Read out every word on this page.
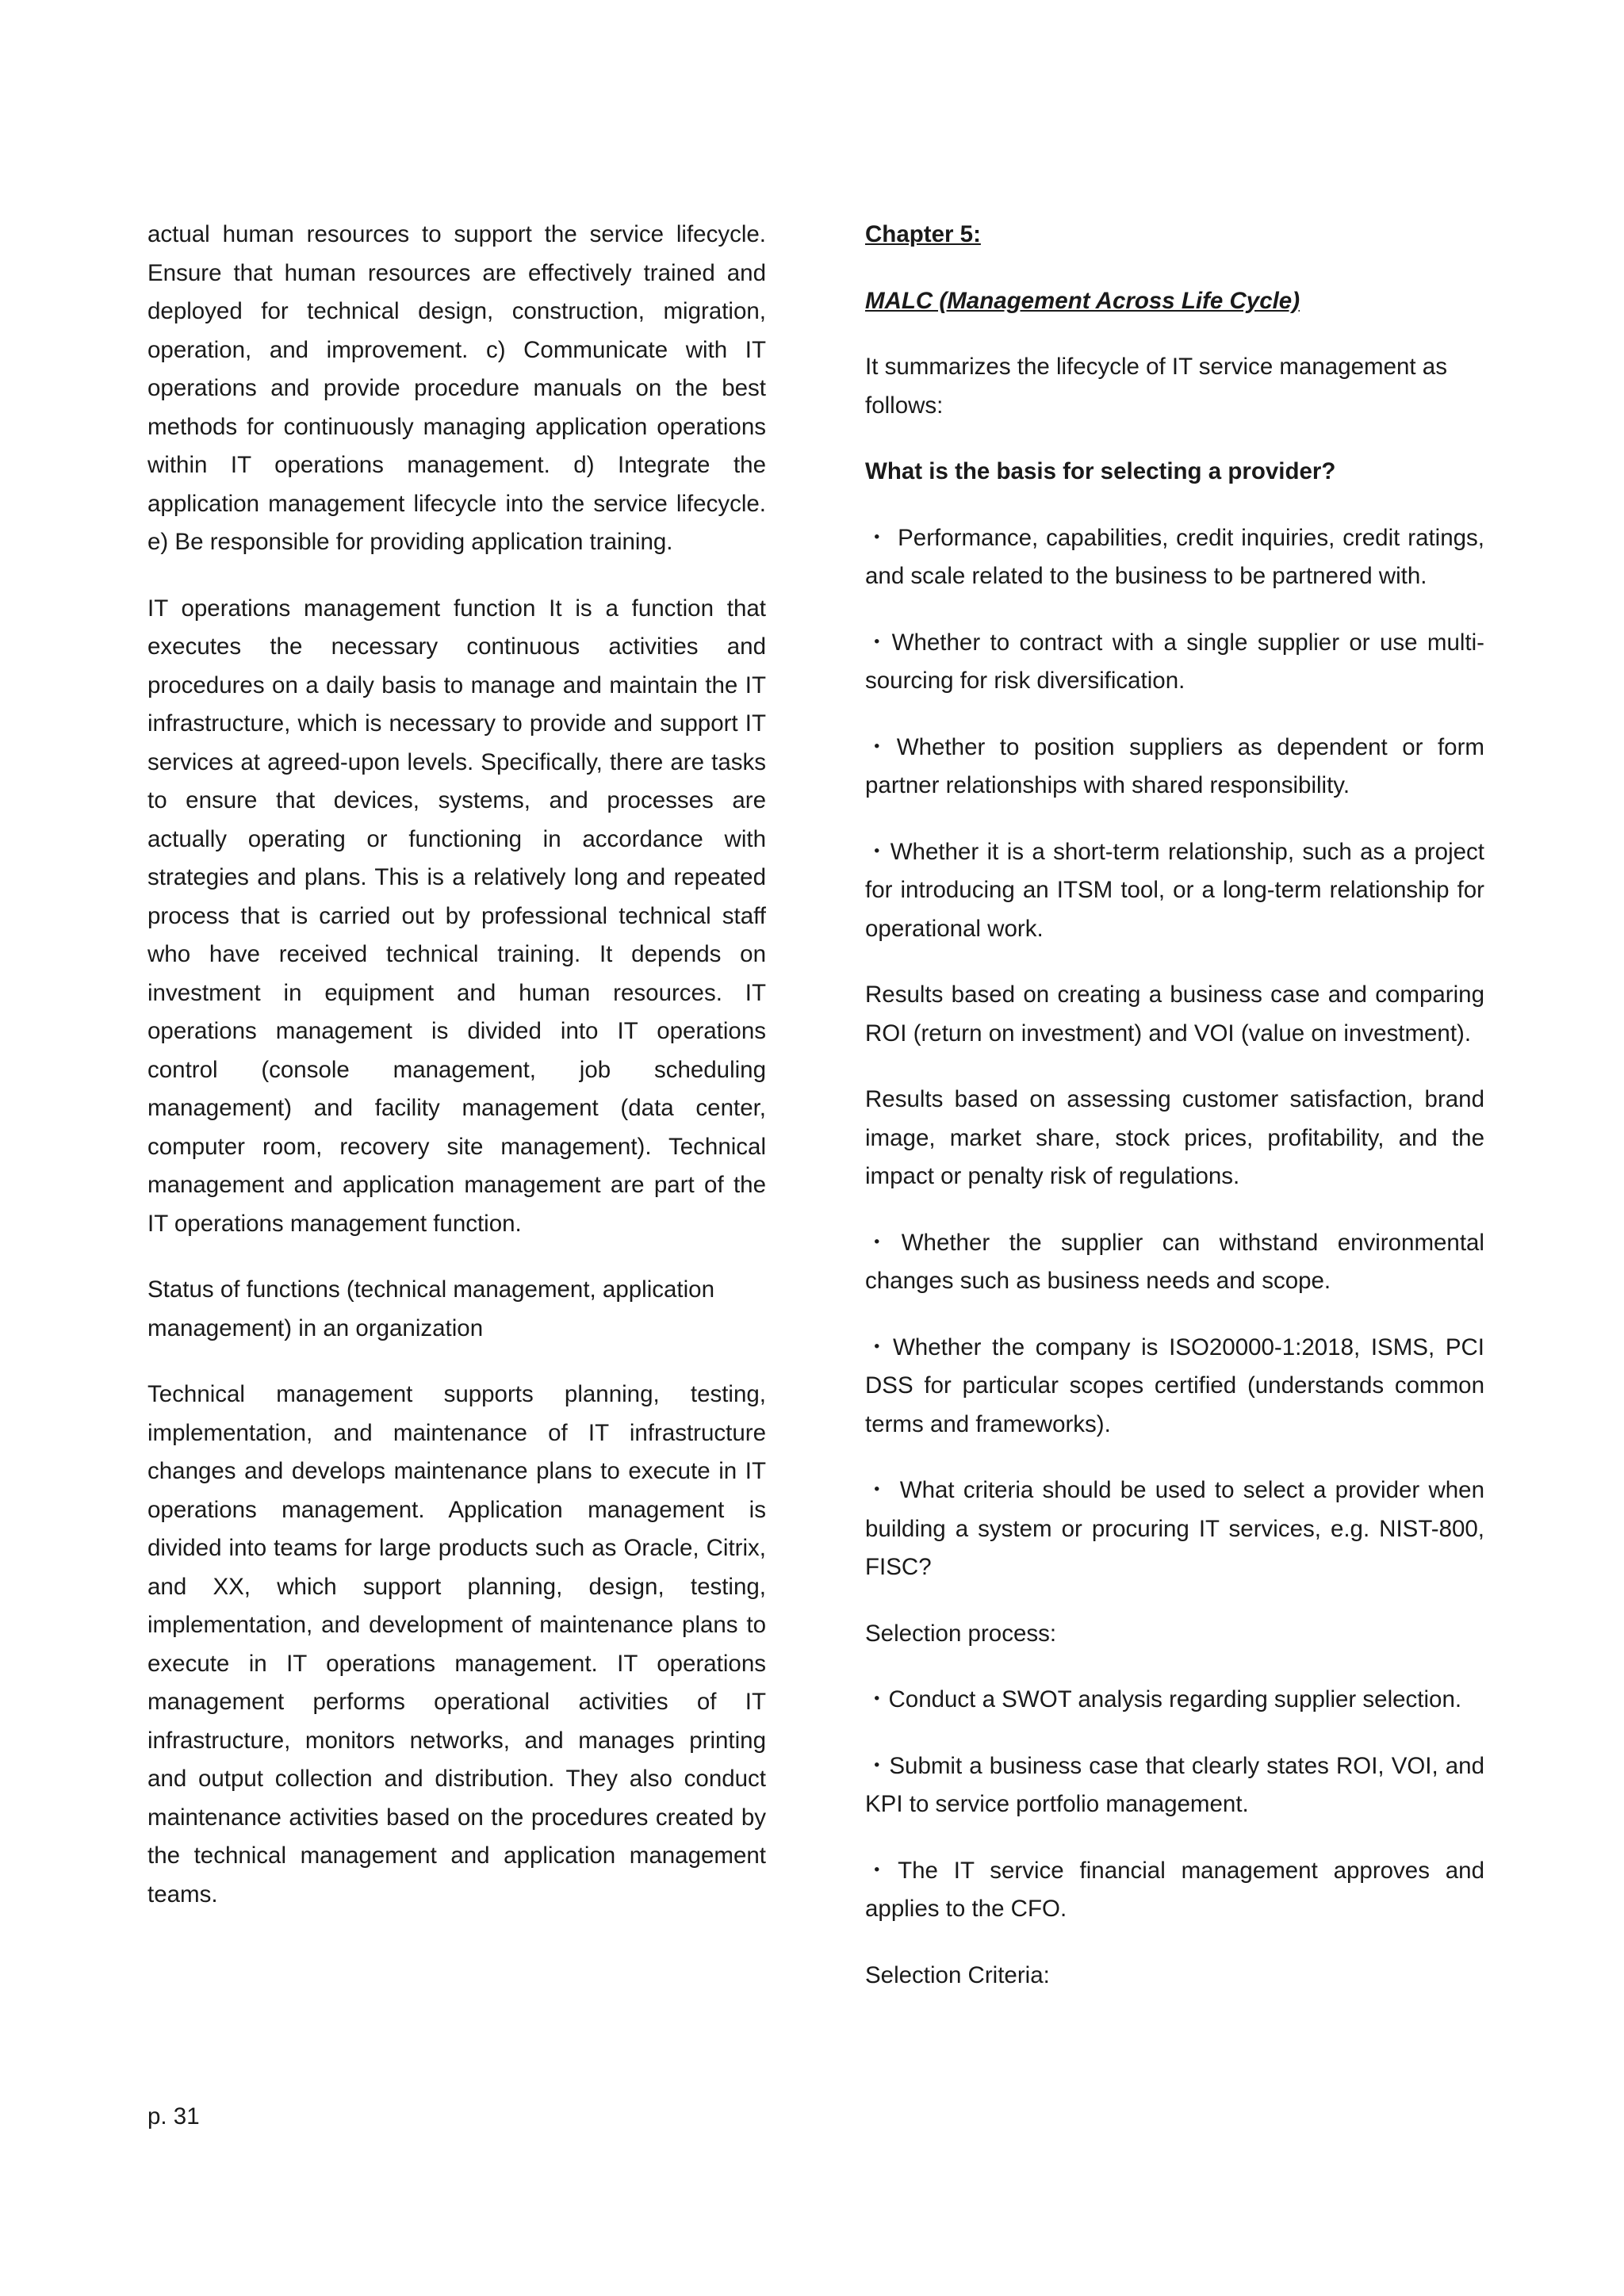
actual human resources to support the service lifecycle. Ensure that human resources are effectively trained and deployed for technical design, construction, migration, operation, and improvement. c) Communicate with IT operations and provide procedure manuals on the best methods for continuously managing application operations within IT operations management. d) Integrate the application management lifecycle into the service lifecycle. e) Be responsible for providing application training.

IT operations management function It is a function that executes the necessary continuous activities and procedures on a daily basis to manage and maintain the IT infrastructure, which is necessary to provide and support IT services at agreed-upon levels. Specifically, there are tasks to ensure that devices, systems, and processes are actually operating or functioning in accordance with strategies and plans. This is a relatively long and repeated process that is carried out by professional technical staff who have received technical training. It depends on investment in equipment and human resources. IT operations management is divided into IT operations control (console management, job scheduling management) and facility management (data center, computer room, recovery site management). Technical management and application management are part of the IT operations management function.

Status of functions (technical management, application management) in an organization

Technical management supports planning, testing, implementation, and maintenance of IT infrastructure changes and develops maintenance plans to execute in IT operations management. Application management is divided into teams for large products such as Oracle, Citrix, and XX, which support planning, design, testing, implementation, and development of maintenance plans to execute in IT operations management. IT operations management performs operational activities of IT infrastructure, monitors networks, and manages printing and output collection and distribution. They also conduct maintenance activities based on the procedures created by the technical management and application management teams.

Chapter 5:

MALC (Management Across Life Cycle)

It summarizes the lifecycle of IT service management as follows:

What is the basis for selecting a provider?

・ Performance, capabilities, credit inquiries, credit ratings, and scale related to the business to be partnered with.

・Whether to contract with a single supplier or use multi-sourcing for risk diversification.

・Whether to position suppliers as dependent or form partner relationships with shared responsibility.

・Whether it is a short-term relationship, such as a project for introducing an ITSM tool, or a long-term relationship for operational work.

Results based on creating a business case and comparing ROI (return on investment) and VOI (value on investment).

Results based on assessing customer satisfaction, brand image, market share, stock prices, profitability, and the impact or penalty risk of regulations.

・Whether the supplier can withstand environmental changes such as business needs and scope.

・Whether the company is ISO20000-1:2018, ISMS, PCI DSS for particular scopes certified (understands common terms and frameworks).

・ What criteria should be used to select a provider when building a system or procuring IT services, e.g. NIST-800, FISC?

Selection process:

・Conduct a SWOT analysis regarding supplier selection.

・Submit a business case that clearly states ROI, VOI, and KPI to service portfolio management.

・The IT service financial management approves and applies to the CFO.

Selection Criteria:

p. 31
